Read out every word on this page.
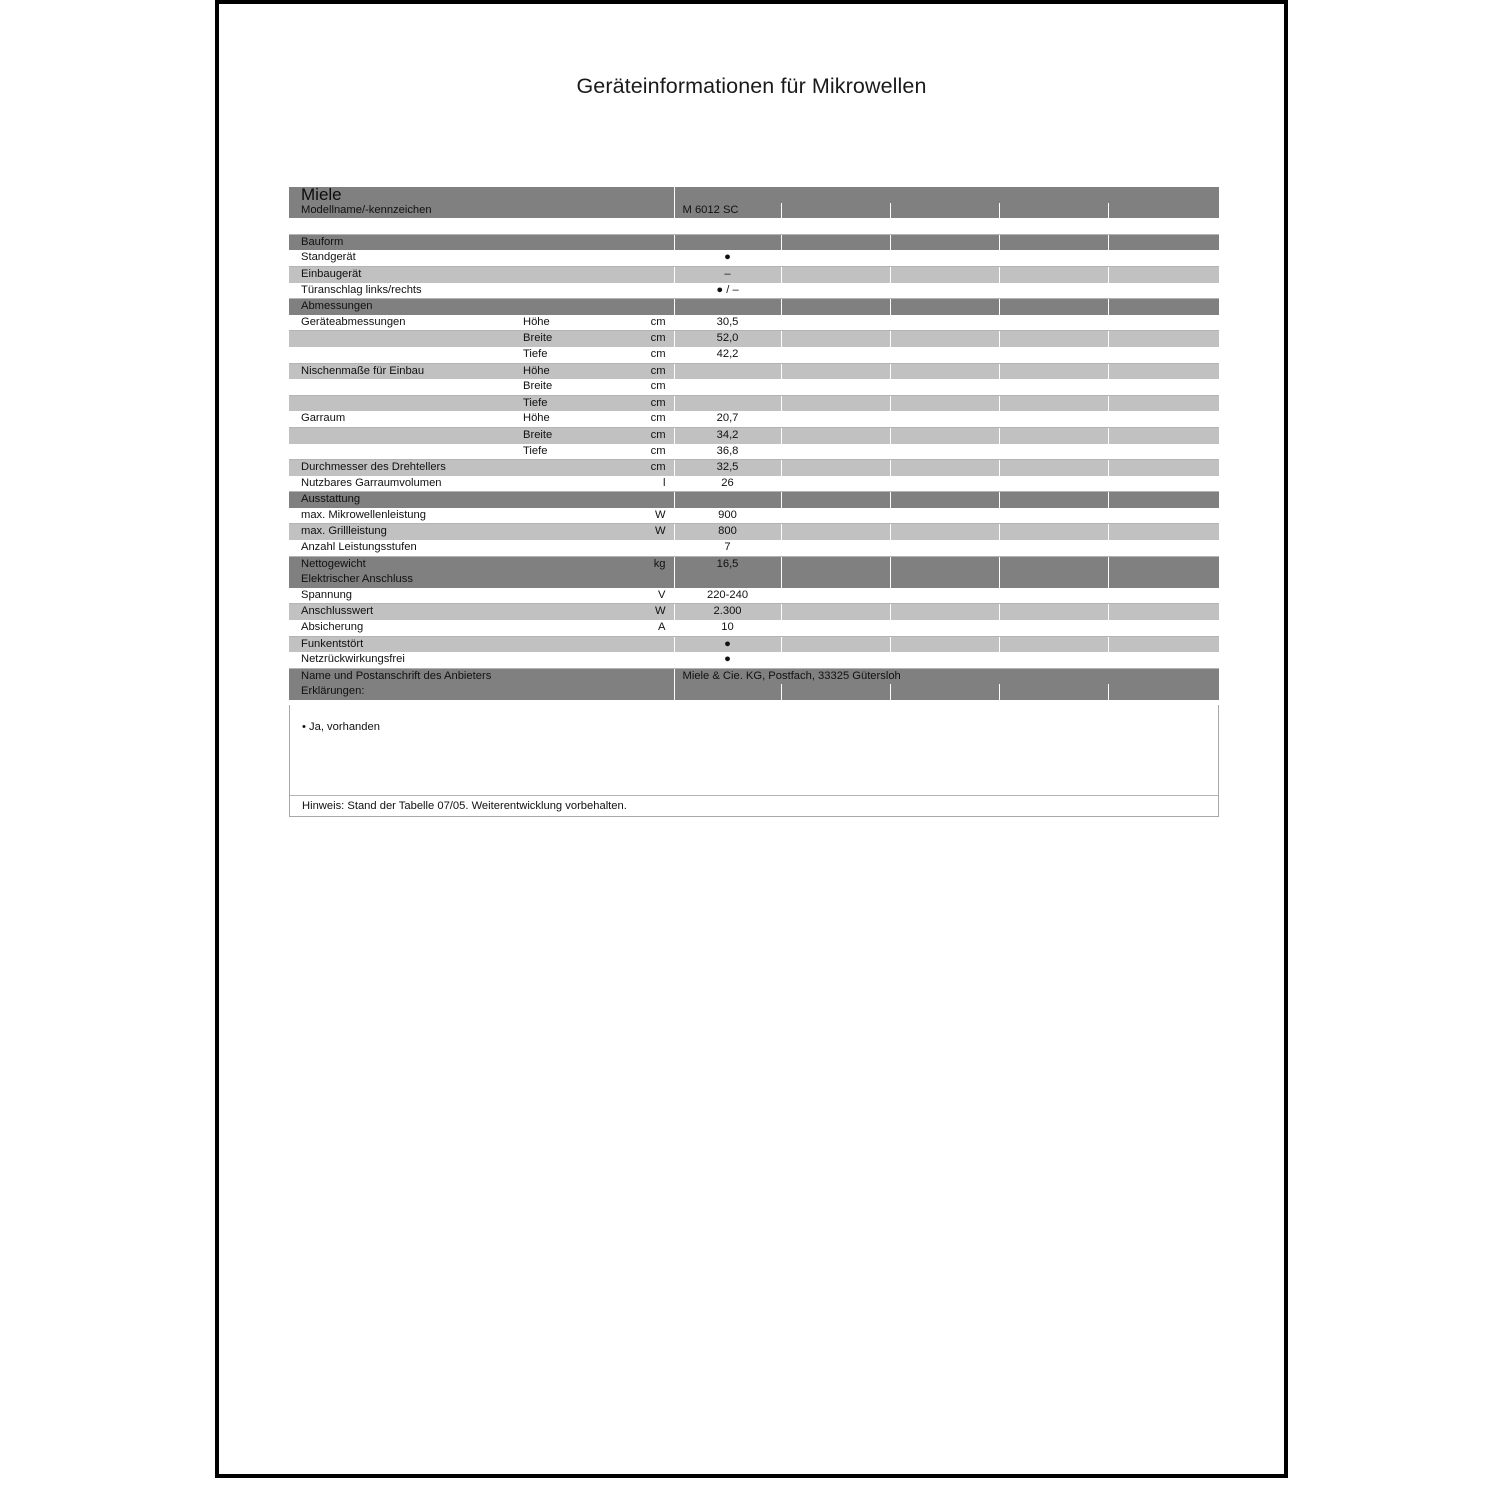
Geräteinformationen für Mikrowellen
Miele							
Modellname/-kennzeichen			M 6012 SC				

Bauform							
Standgerät			●				
Einbaugerät			–				
Türanschlag links/rechts			● / –				
Abmessungen							
Geräteabmessungen	Höhe	cm	30,5				
	Breite	cm	52,0				
	Tiefe	cm	42,2				
Nischenmaße für Einbau	Höhe	cm					
	Breite	cm					
	Tiefe	cm					
Garraum	Höhe	cm	20,7				
	Breite	cm	34,2				
	Tiefe	cm	36,8				
Durchmesser des Drehtellers		cm	32,5				
Nutzbares Garraumvolumen		l	26				
Ausstattung							
max. Mikrowellenleistung		W	900				
max. Grillleistung		W	800				
Anzahl Leistungsstufen			7				
Nettogewicht		kg	16,5				
Elektrischer Anschluss							
Spannung		V	220-240				
Anschlusswert		W	2.300				
Absicherung		A	10				
Funkentstört			●				
Netzrückwirkungsfrei			●				
Name und Postanschrift des Anbieters			Miele & Cie. KG, Postfach, 33325 Gütersloh				
Erklärungen:							
• Ja, vorhanden
Hinweis: Stand der Tabelle 07/05. Weiterentwicklung vorbehalten.
